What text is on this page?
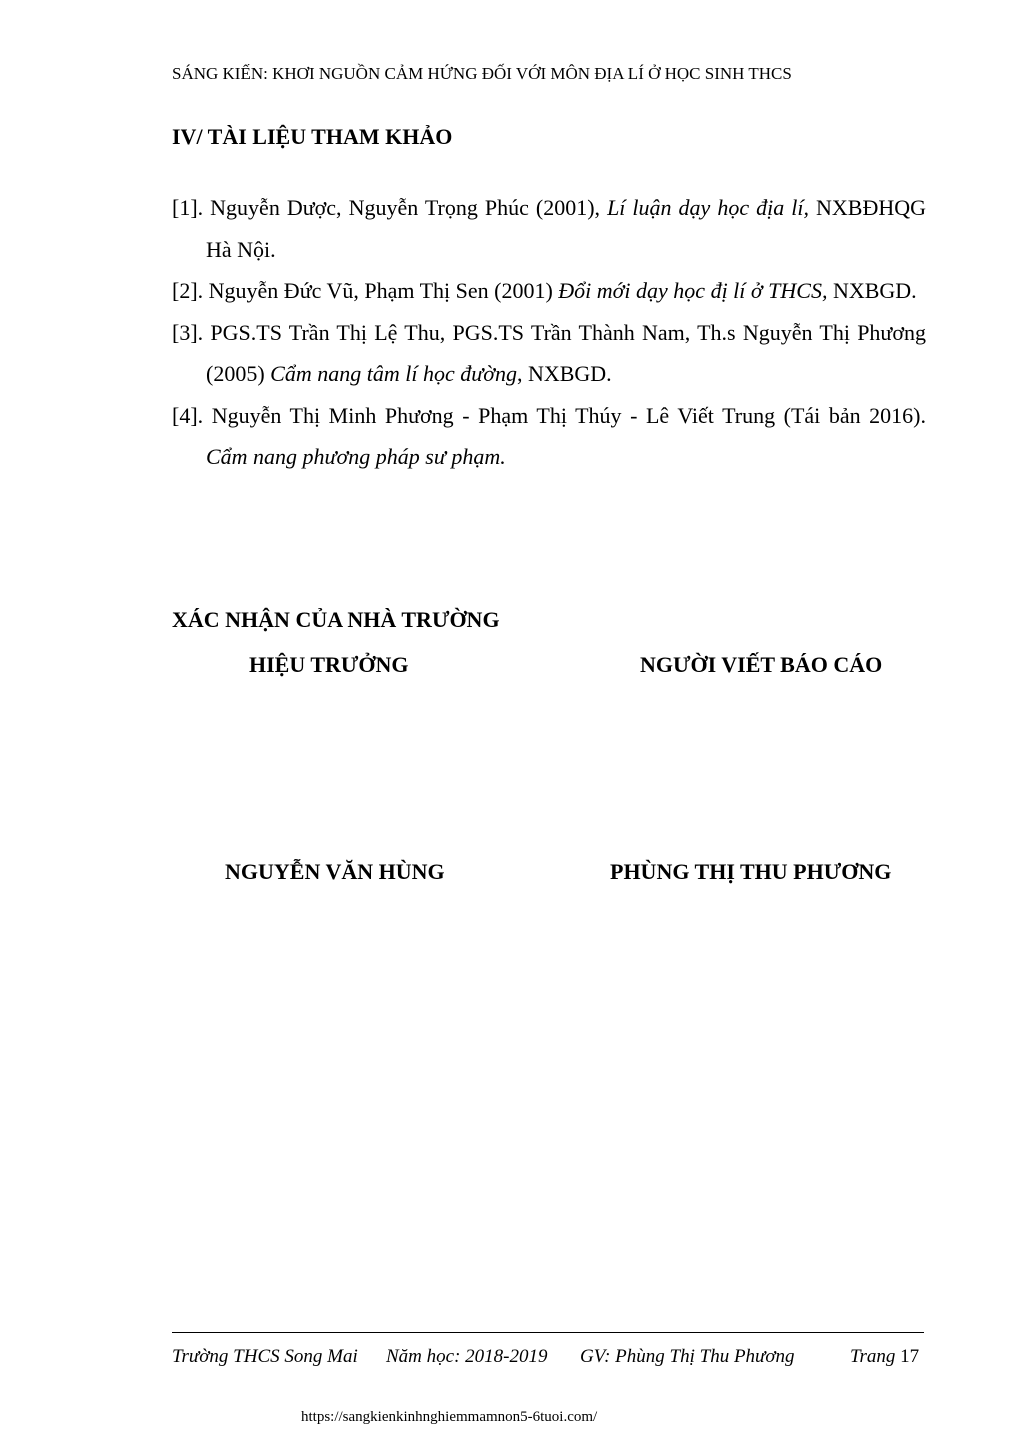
SÁNG KIẾN: KHƠI NGUỒN CẢM HỨNG ĐỐI VỚI MÔN ĐỊA LÍ Ở HỌC SINH THCS
IV/ TÀI LIỆU THAM KHẢO
[1]. Nguyễn Dược, Nguyễn Trọng Phúc (2001), Lí luận dạy học địa lí, NXBĐHQG Hà Nội.
[2]. Nguyễn Đức Vũ, Phạm Thị Sen (2001) Đổi mới dạy học đị lí ở THCS, NXBGD.
[3]. PGS.TS Trần Thị Lệ Thu, PGS.TS Trần Thành Nam, Th.s Nguyễn Thị Phương (2005) Cẩm nang tâm lí học đường, NXBGD.
[4]. Nguyễn Thị Minh Phương - Phạm Thị Thúy - Lê Viết Trung (Tái bản 2016). Cẩm nang phương pháp sư phạm.
XÁC NHẬN CỦA NHÀ TRƯỜNG
HIỆU TRƯỞNG	NGƯỜI VIẾT BÁO CÁO
NGUYỄN VĂN HÙNG	PHÙNG THỊ THU PHƯƠNG
Trường THCS Song Mai Năm học: 2018-2019 GV: Phùng Thị Thu Phương	Trang 17
https://sangkienkinhnghiemmamnon5-6tuoi.com/
